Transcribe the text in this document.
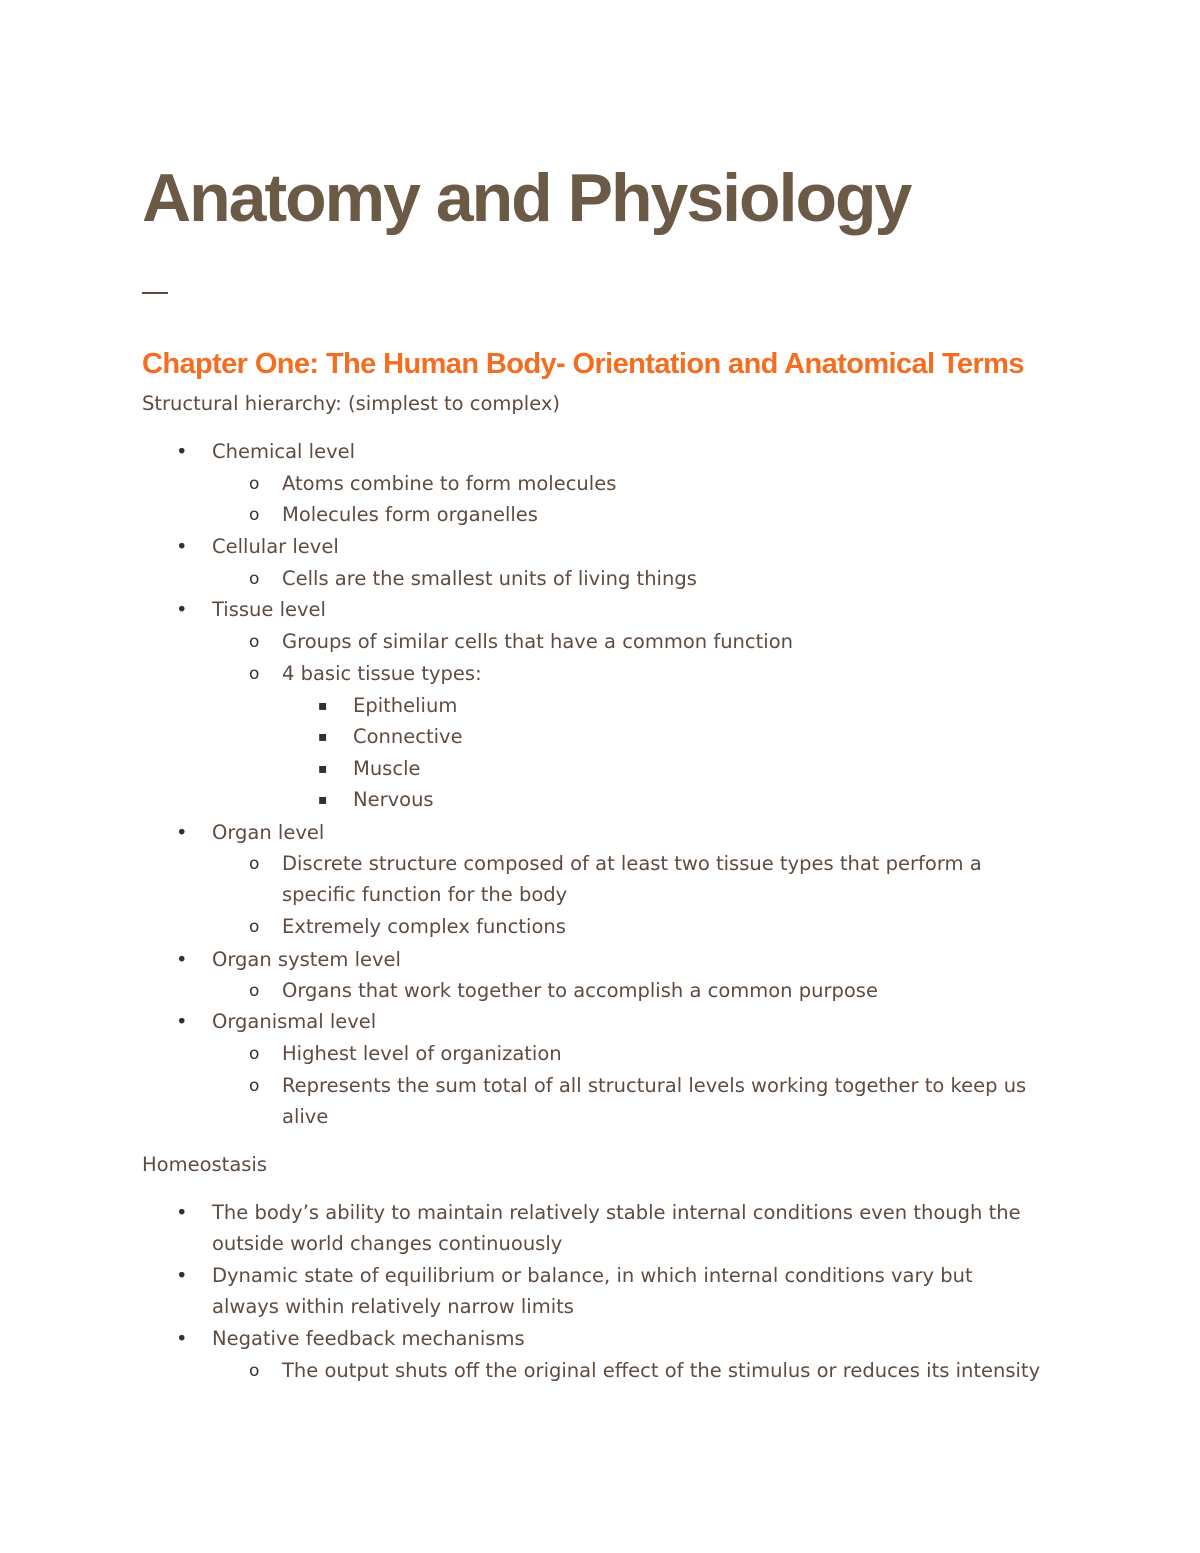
Anatomy and Physiology
Chapter One: The Human Body- Orientation and Anatomical Terms

Structural hierarchy: (simplest to complex)

• Chemical level
o Atoms combine to form molecules
o Molecules form organelles
• Cellular level
o Cells are the smallest units of living things
• Tissue level
o Groups of similar cells that have a common function
o 4 basic tissue types:
▪ Epithelium
▪ Connective
▪ Muscle
▪ Nervous
• Organ level
o Discrete structure composed of at least two tissue types that perform a
specific function for the body
o Extremely complex functions
• Organ system level
o Organs that work together to accomplish a common purpose
• Organismal level
o Highest level of organization
o Represents the sum total of all structural levels working together to keep us
alive

Homeostasis

• The body’s ability to maintain relatively stable internal conditions even though the
outside world changes continuously
• Dynamic state of equilibrium or balance, in which internal conditions vary but
always within relatively narrow limits
• Negative feedback mechanisms
o The output shuts off the original effect of the stimulus or reduces its intensity
